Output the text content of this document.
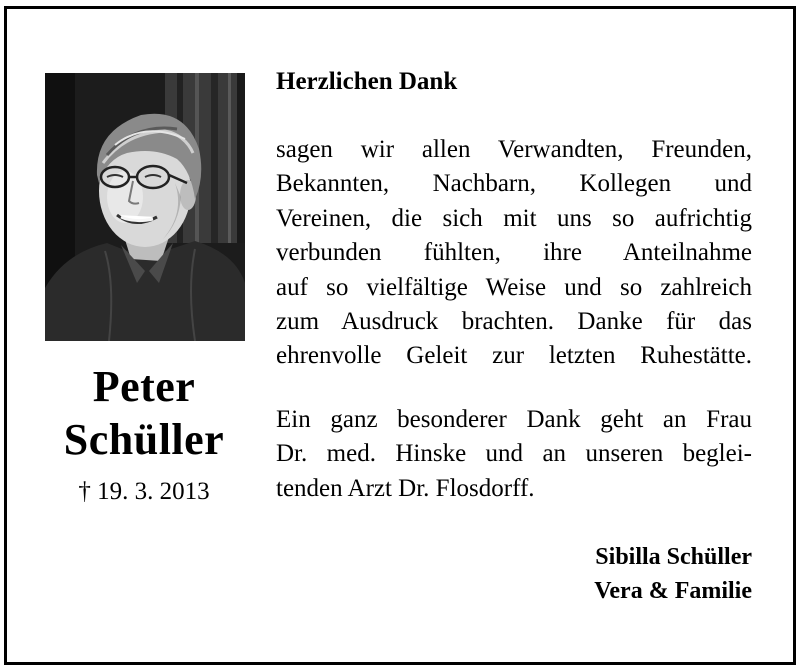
Peter
Schüller
† 19. 3. 2013
Herzlichen Dank
sagen wir allen Verwandten, Freunden,
Bekannten, Nachbarn, Kollegen und
Vereinen, die sich mit uns so aufrichtig
verbunden fühlten, ihre Anteilnahme
auf so vielfältige Weise und so zahlreich
zum Ausdruck brachten. Danke für das
ehrenvolle Geleit zur letzten Ruhestätte.
Ein ganz besonderer Dank geht an Frau
Dr. med. Hinske und an unseren beglei-
tenden Arzt Dr. Flosdorff.
Sibilla Schüller
Vera & Familie
